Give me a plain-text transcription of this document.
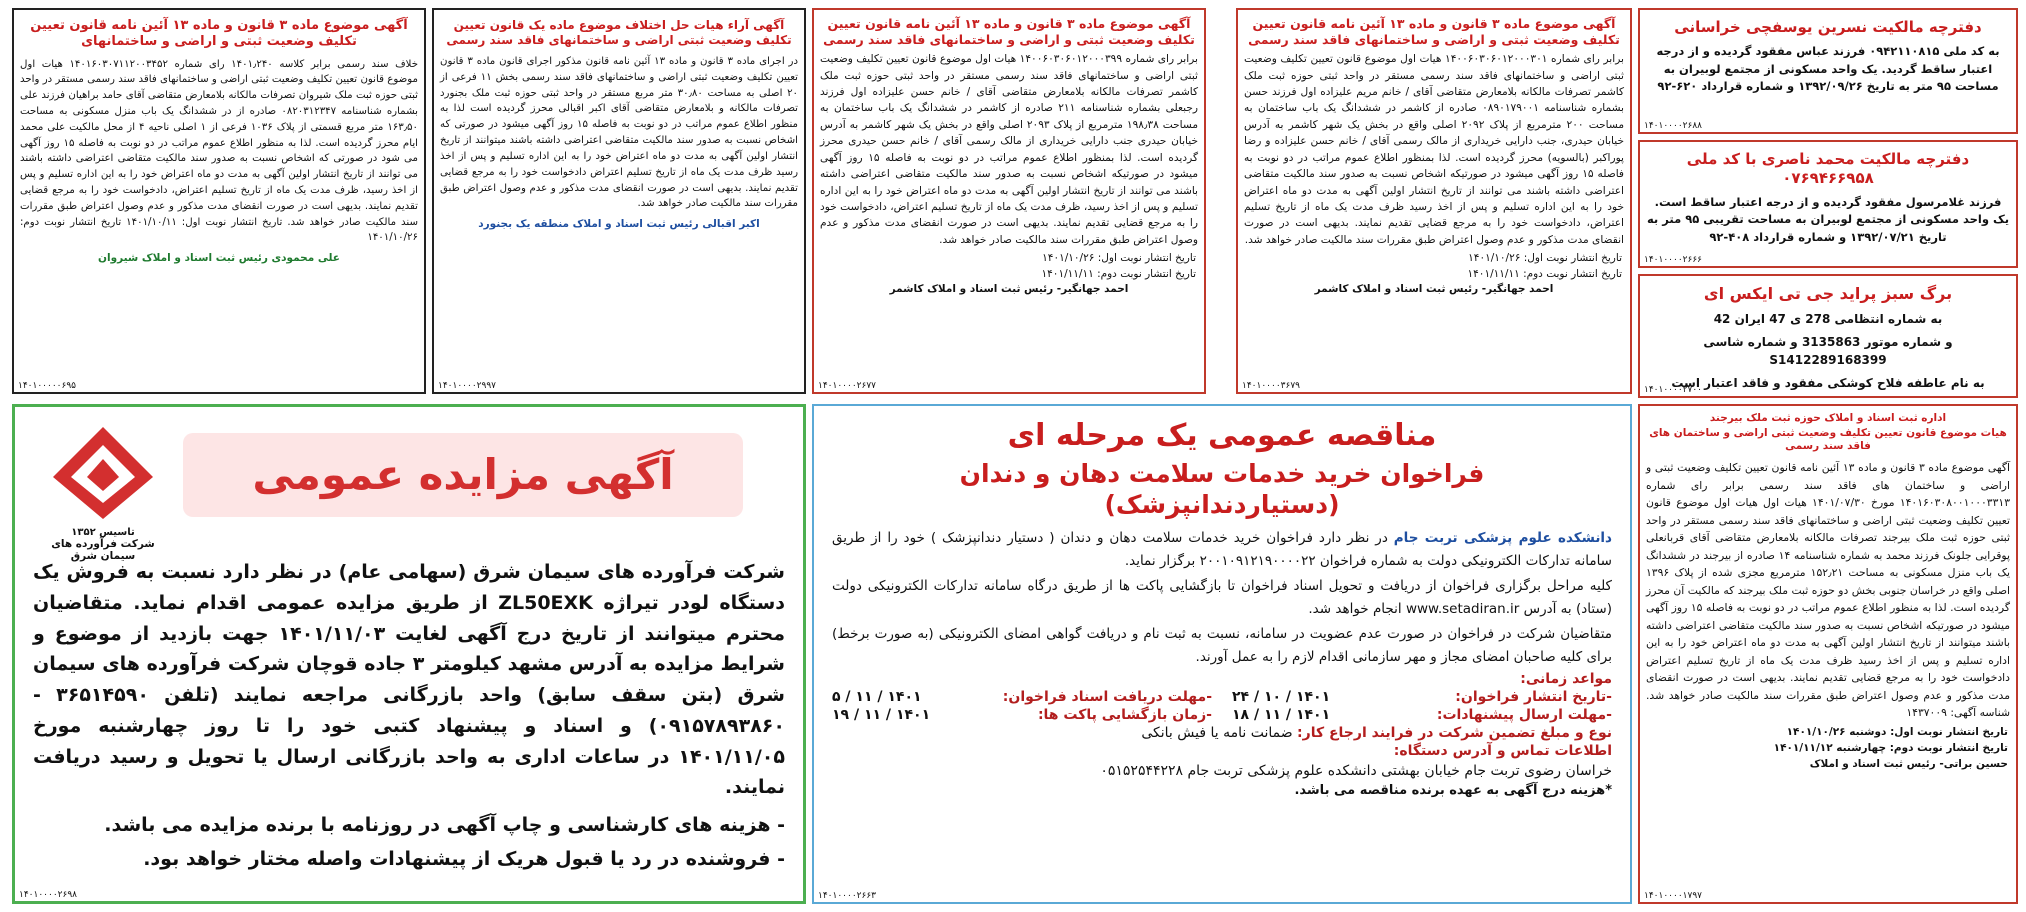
آگهی موضوع ماده ۳ قانون و ماده ۱۳ آئین نامه قانون تعیین تکلیف وضعیت ثبتی و اراضی و ساختمانهای
خلاف سند رسمی برابر کلاسه ۱۴۰۱٫۲۴۰ رای شماره ۱۴۰۱۶۰۳۰۷۱۱۲۰۰۳۴۵۲ هیات اول موضوع قانون تعیین تکلیف وضعیت ثبتی اراضی و ساختمانهای فاقد سند رسمی مستقر در واحد ثبتی حوزه ثبت ملک شیروان تصرفات مالکانه بلامعارض متقاضی آقای حامد براهیان فرزند علی بشماره شناسنامه ۰۸۲۰۳۱۲۳۴۷ صادره از در ششدانگ یک باب منزل مسکونی به مساحت ۱۶۳٫۵۰ متر مربع قسمتی از پلاک ۱۰۳۶ فرعی از ۱ اصلی ناحیه ۴ از محل مالکیت علی محمد ایام محرز گردیده است. لذا به منظور اطلاع عموم مراتب در دو نوبت به فاصله ۱۵ روز آگهی می شود در صورتی که اشخاص نسبت به صدور سند مالکیت متقاضی اعتراضی داشته باشند می توانند از تاریخ انتشار اولین آگهی به مدت دو ماه اعتراض خود را به این اداره تسلیم و پس از اخذ رسید، ظرف مدت یک ماه از تاریخ تسلیم اعتراض، دادخواست خود را به مرجع قضایی تقدیم نمایند. بدیهی است در صورت انقضای مدت مذکور و عدم وصول اعتراض طبق مقررات سند مالکیت صادر خواهد شد. تاریخ انتشار نوبت اول: ۱۴۰۱/۱۰/۱۱ تاریخ انتشار نوبت دوم: ۱۴۰۱/۱۰/۲۶
علی محمودی رئیس ثبت اسناد و املاک شیروان
۱۴۰۱۰۰۰۰۰۶۹۵
آگهی آراء هیات حل اختلاف موضوع ماده یک قانون تعیین تکلیف وضعیت ثبتی اراضی و ساختمانهای فاقد سند رسمی
در اجرای ماده ۳ قانون و ماده ۱۳ آئین نامه قانون مذکور اجرای قانون ماده ۳ قانون تعیین تکلیف وضعیت ثبتی اراضی و ساختمانهای فاقد سند رسمی بخش ۱۱ فرعی از ۲۰ اصلی به مساحت ۳۰٫۸۰ متر مربع مستقر در واحد ثبتی حوزه ثبت ملک بجنورد تصرفات مالکانه و بلامعارض متقاضی آقای اکبر اقبالی محرز گردیده است لذا به منظور اطلاع عموم مراتب در دو نوبت به فاصله ۱۵ روز آگهی میشود در صورتی که اشخاص نسبت به صدور سند مالکیت متقاضی اعتراضی داشته باشند میتوانند از تاریخ انتشار اولین آگهی به مدت دو ماه اعتراض خود را به این اداره تسلیم و پس از اخذ رسید ظرف مدت یک ماه از تاریخ تسلیم اعتراض دادخواست خود را به مرجع قضایی تقدیم نمایند. بدیهی است در صورت انقضای مدت مذکور و عدم وصول اعتراض طبق مقررات سند مالکیت صادر خواهد شد.
اکبر اقبالی رئیس ثبت اسناد و املاک منطقه یک بجنورد
۱۴۰۱۰۰۰۰۲۹۹۷
آگهی موضوع ماده ۳ قانون و ماده ۱۳ آئین نامه قانون تعیین تکلیف وضعیت ثبتی و اراضی و ساختمانهای فاقد سند رسمی
برابر رای شماره ۱۴۰۰۶۰۳۰۶۰۱۲۰۰۰۳۹۹ هیات اول موضوع قانون تعیین تکلیف وضعیت ثبتی اراضی و ساختمانهای فاقد سند رسمی مستقر در واحد ثبتی حوزه ثبت ملک کاشمر تصرفات مالکانه بلامعارض متقاضی آقای / خانم حسن علیزاده اول فرزند رجبعلی بشماره شناسنامه ۲۱۱ صادره از کاشمر در ششدانگ یک باب ساختمان به مساحت ۱۹۸٫۳۸ مترمربع از پلاک ۲۰۹۳ اصلی واقع در بخش یک شهر کاشمر به آدرس خیابان حیدری جنب دارایی خریداری از مالک رسمی آقای / خانم حسن حیدری محرز گردیده است. لذا بمنظور اطلاع عموم مراتب در دو نوبت به فاصله ۱۵ روز آگهی میشود در صورتیکه اشخاص نسبت به صدور سند مالکیت متقاضی اعتراضی داشته باشند می توانند از تاریخ انتشار اولین آگهی به مدت دو ماه اعتراض خود را به این اداره تسلیم و پس از اخذ رسید، ظرف مدت یک ماه از تاریخ تسلیم اعتراض، دادخواست خود را به مرجع قضایی تقدیم نمایند. بدیهی است در صورت انقضای مدت مذکور و عدم وصول اعتراض طبق مقررات سند مالکیت صادر خواهد شد.
تاریخ انتشار نوبت اول: ۱۴۰۱/۱۰/۲۶
تاریخ انتشار نوبت دوم: ۱۴۰۱/۱۱/۱۱
احمد جهانگیر- رئیس ثبت اسناد و املاک کاشمر
۱۴۰۱۰۰۰۰۲۶۷۷
آگهی موضوع ماده ۳ قانون و ماده ۱۳ آئین نامه قانون تعیین تکلیف وضعیت ثبتی و اراضی و ساختمانهای فاقد سند رسمی
برابر رای شماره ۱۴۰۰۶۰۳۰۶۰۱۲۰۰۰۳۰۱ هیات اول موضوع قانون تعیین تکلیف وضعیت ثبتی اراضی و ساختمانهای فاقد سند رسمی مستقر در واحد ثبتی حوزه ثبت ملک کاشمر تصرفات مالکانه بلامعارض متقاضی آقای / خانم مریم علیزاده اول فرزند حسن بشماره شناسنامه ۰۸۹۰۱۷۹۰۰۱ صادره از کاشمر در ششدانگ یک باب ساختمان به مساحت ۲۰۰ مترمربع از پلاک ۲۰۹۲ اصلی واقع در بخش یک شهر کاشمر به آدرس خیابان حیدری، جنب دارایی خریداری از مالک رسمی آقای / خانم حسن علیزاده و رضا پوراکبر (بالسویه) محرز گردیده است. لذا بمنظور اطلاع عموم مراتب در دو نوبت به فاصله ۱۵ روز آگهی میشود در صورتیکه اشخاص نسبت به صدور سند مالکیت متقاضی اعتراضی داشته باشند می توانند از تاریخ انتشار اولین آگهی به مدت دو ماه اعتراض خود را به این اداره تسلیم و پس از اخذ رسید ظرف مدت یک ماه از تاریخ تسلیم اعتراض، دادخواست خود را به مرجع قضایی تقدیم نمایند. بدیهی است در صورت انقضای مدت مذکور و عدم وصول اعتراض طبق مقررات سند مالکیت صادر خواهد شد.
تاریخ انتشار نوبت اول: ۱۴۰۱/۱۰/۲۶
تاریخ انتشار نوبت دوم: ۱۴۰۱/۱۱/۱۱
احمد جهانگیر- رئیس ثبت اسناد و املاک کاشمر
۱۴۰۱۰۰۰۰۳۶۷۹
دفترچه مالکیت نسرین یوسفچی خراسانی
به کد ملی ۰۹۴۲۱۱۰۸۱۵ فرزند عباس مفقود گردیده و از درجه اعتبار ساقط گردید. یک واحد مسکونی از مجتمع لوبیران به مساحت ۹۵ متر به تاریخ ۱۳۹۲/۰۹/۲۶ و شماره قرارداد ۶۲۰-۹۲
۱۴۰۱۰۰۰۰۲۶۸۸
دفترچه مالکیت محمد ناصری با کد ملی ۰۷۶۹۴۶۶۹۵۸
فرزند غلامرسول مفقود گردیده و از درجه اعتبار ساقط است. یک واحد مسکونی از مجتمع لوبیران به مساحت تقریبی ۹۵ متر به تاریخ ۱۳۹۲/۰۷/۲۱ و شماره قرارداد ۴۰۸-۹۲
۱۴۰۱۰۰۰۰۲۶۶۶
برگ سبز پراید جی تی ایکس ای
به شماره انتظامی 278 ی 47 ایران 42
و شماره موتور 3135863 و شماره شاسی S1412289168399
به نام عاطفه فلاح کوشکی مفقود و فاقد اعتبار است
۱۴۰۱۰۰۰۰۲۷۰۰
اداره ثبت اسناد و املاک حوزه ثبت ملک بیرجند
هیات موضوع قانون تعیین تکلیف وضعیت ثبتی اراضی و ساختمان های فاقد سند رسمی
آگهی موضوع ماده ۳ قانون و ماده ۱۳ آئین نامه قانون تعیین تکلیف وضعیت ثبتی و اراضی و ساختمان های فاقد سند رسمی برابر رای شماره ۱۴۰۱۶۰۳۰۸۰۰۱۰۰۰۳۳۱۳ مورخ ۱۴۰۱/۰۷/۳۰ هیات اول هیات اول موضوع قانون تعیین تکلیف وضعیت ثبتی اراضی و ساختمانهای فاقد سند رسمی مستقر در واحد ثبتی حوزه ثبت ملک بیرجند تصرفات مالکانه بلامعارض متقاضی آقای قربانعلی پوقرایی جلونک فرزند محمد به شماره شناسنامه ۱۴ صادره از بیرجند در ششدانگ یک باب منزل مسکونی به مساحت ۱۵۲٫۲۱ مترمربع مجزی شده از پلاک ۱۳۹۶ اصلی واقع در خراسان جنوبی بخش دو حوزه ثبت ملک بیرجند که مالکیت آن محرز گردیده است. لذا به منظور اطلاع عموم مراتب در دو نوبت به فاصله ۱۵ روز آگهی میشود در صورتیکه اشخاص نسبت به صدور سند مالکیت متقاضی اعتراضی داشته باشند میتوانند از تاریخ انتشار اولین آگهی به مدت دو ماه اعتراض خود را به این اداره تسلیم و پس از اخذ رسید ظرف مدت یک ماه از تاریخ تسلیم اعتراض دادخواست خود را به مرجع قضایی تقدیم نمایند. بدیهی است در صورت انقضای مدت مذکور و عدم وصول اعتراض طبق مقررات سند مالکیت صادر خواهد شد. شناسه آگهی: ۱۴۳۷۰۰۹
تاریخ انتشار نوبت اول: دوشنبه ۱۴۰۱/۱۰/۲۶
تاریخ انتشار نوبت دوم: چهارشنبه ۱۴۰۱/۱۱/۱۲
حسین براتی- رئیس ثبت اسناد و املاک
۱۴۰۱۰۰۰۰۱۷۹۷
مناقصه عمومی یک مرحله ای
فراخوان خرید خدمات سلامت دهان و دندان
(دستیاردندانپزشک)
دانشکده علوم پزشکی تربت جام در نظر دارد فراخوان خرید خدمات سلامت دهان و دندان ( دستیار دندانپزشک ) خود را از طریق سامانه تدارکات الکترونیکی دولت به شماره فراخوان ۲۰۰۱۰۹۱۲۱۹۰۰۰۰۲۲ برگزار نماید.
کلیه مراحل برگزاری فراخوان از دریافت و تحویل اسناد فراخوان تا بازگشایی پاکت ها از طریق درگاه سامانه تدارکات الکترونیکی دولت (ستاد) به آدرس www.setadiran.ir انجام خواهد شد.
متقاضیان شرکت در فراخوان در صورت عدم عضویت در سامانه، نسبت به ثبت نام و دریافت گواهی امضای الکترونیکی (به صورت برخط) برای کلیه صاحبان امضای مجاز و مهر سازمانی اقدام لازم را به عمل آورند.
مواعد زمانی:
-تاریخ انتشار فراخوان:
۱۴۰۱ / ۱۰ / ۲۴
-مهلت دریافت اسناد فراخوان:
۱۴۰۱ / ۱۱ / ۵
-مهلت ارسال پیشنهادات:
۱۴۰۱ / ۱۱ / ۱۸
-زمان بازگشایی پاکت ها:
۱۴۰۱ / ۱۱ / ۱۹
نوع و مبلغ تضمین شرکت در فرایند ارجاع کار: ضمانت نامه یا فیش بانکی
اطلاعات تماس و آدرس دستگاه:
خراسان رضوی تربت جام خیابان بهشتی دانشکده علوم پزشکی تربت جام ۰۵۱۵۲۵۴۴۲۲۸
*هزینه درج آگهی به عهده برنده مناقصه می باشد.
۱۴۰۱۰۰۰۰۲۶۶۳
تاسیس ۱۳۵۲
شرکت فرآورده های سیمان شرق
آگهی مزایده عمومی
شرکت فرآورده های سیمان شرق (سهامی عام) در نظر دارد نسبت به فروش یک دستگاه لودر تیراژه ZL50EXK از طریق مزایده عمومی اقدام نماید. متقاضیان محترم میتوانند از تاریخ درج آگهی لغایت ۱۴۰۱/۱۱/۰۳ جهت بازدید از موضوع و شرایط مزایده به آدرس مشهد کیلومتر ۳ جاده قوچان شرکت فرآورده های سیمان شرق (بتن سقف سابق) واحد بازرگانی مراجعه نمایند (تلفن ۳۶۵۱۴۵۹۰ - ۰۹۱۵۷۸۹۳۸۶۰) و اسناد و پیشنهاد کتبی خود را تا روز چهارشنبه مورخ ۱۴۰۱/۱۱/۰۵ در ساعات اداری به واحد بازرگانی ارسال یا تحویل و رسید دریافت نمایند.
- هزینه های کارشناسی و چاپ آگهی در روزنامه با برنده مزایده می باشد.
- فروشنده در رد یا قبول هریک از پیشنهادات واصله مختار خواهد بود.
۱۴۰۱۰۰۰۰۲۶۹۸
